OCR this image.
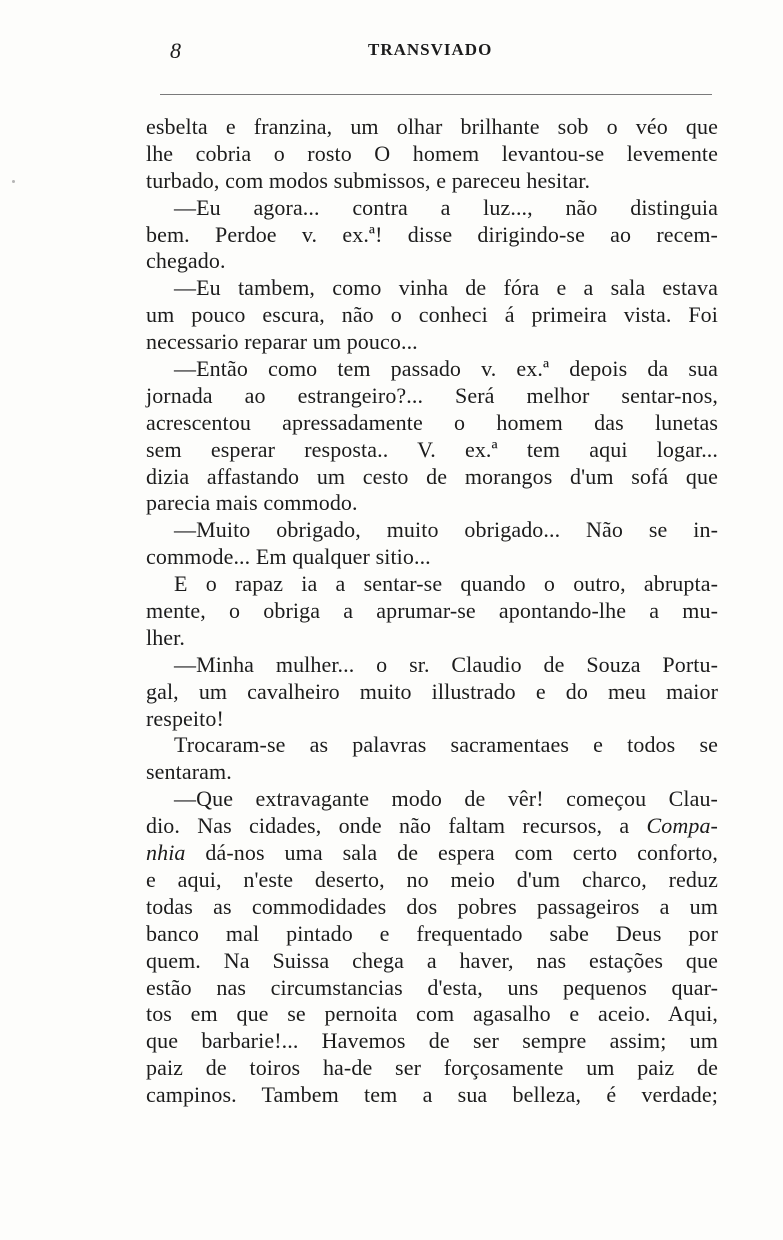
8	TRANSVIADO
esbelta e franzina, um olhar brilhante sob o véo que
lhe cobria o rosto O homem levantou-se levemente
turbado, com modos submissos, e pareceu hesitar.
—Eu agora... contra a luz..., não distinguia
bem. Perdoe v. ex.ª! disse dirigindo-se ao recem-
chegado.
—Eu tambem, como vinha de fóra e a sala estava
um pouco escura, não o conheci á primeira vista. Foi
necessario reparar um pouco...
—Então como tem passado v. ex.ª depois da sua
jornada ao estrangeiro?... Será melhor sentar-nos,
acrescentou apressadamente o homem das lunetas
sem esperar resposta.. V. ex.ª tem aqui logar...
dizia affastando um cesto de morangos d'um sofá que
parecia mais commodo.
—Muito obrigado, muito obrigado... Não se in-
commode... Em qualquer sitio...
E o rapaz ia a sentar-se quando o outro, abrupta-
mente, o obriga a aprumar-se apontando-lhe a mu-
lher.
—Minha mulher... o sr. Claudio de Souza Portu-
gal, um cavalheiro muito illustrado e do meu maior
respeito!
Trocaram-se as palavras sacramentaes e todos se
sentaram.
—Que extravagante modo de vêr! começou Clau-
dio. Nas cidades, onde não faltam recursos, a Compa-
nhia dá-nos uma sala de espera com certo conforto,
e aqui, n'este deserto, no meio d'um charco, reduz
todas as commodidades dos pobres passageiros a um
banco mal pintado e frequentado sabe Deus por
quem. Na Suissa chega a haver, nas estações que
estão nas circumstancias d'esta, uns pequenos quar-
tos em que se pernoita com agasalho e aceio. Aqui,
que barbarie!... Havemos de ser sempre assim; um
paiz de toiros ha-de ser forçosamente um paiz de
campinos. Tambem tem a sua belleza, é verdade;
